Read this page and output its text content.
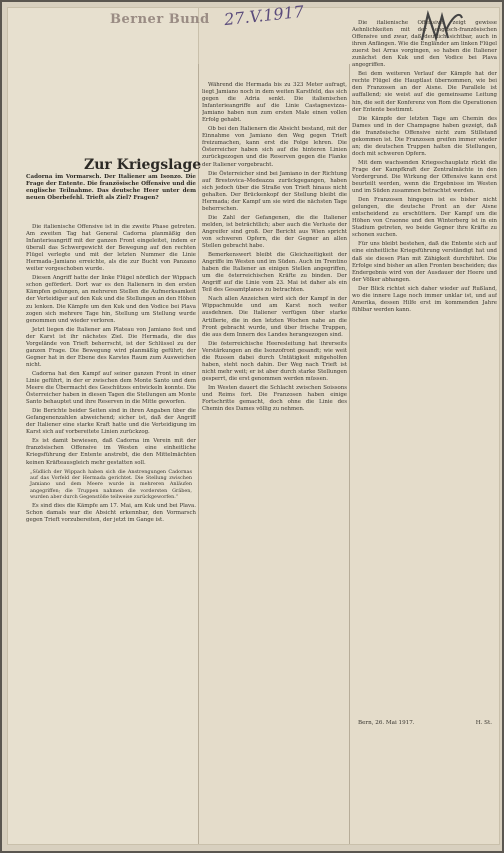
Berner Bund 27.V.1917
Zur Kriegslage
Cadorna im Vormarsch. Der Italiener am Isonzo. Die Frage der Entente. Die französische Offensive und die englische Teilnahme. Das deutsche Heer unter dem neuen Oberbefehl. Trieft als Ziel? Fragen?

Die italienische Offensive ist in die zweite Phase getreten. Am zweiten Tag hat General Cadorna planmäßig den Infanterieangriff mit der ganzen Front eingeleitet, indem er überall das Schwergewicht der Bewegung auf den rechten Flügel verlegte und mit der letzten Nummer die Linie Hermada–Jamiano erreichte, als die zur Bucht von Panzano weiter vorgeschoben wurde.

Diesen Angriff hatte der linke Flügel nördlich der Wippach schon gefördert. Dort war es den Italienern in den ersten Kämpfen gelungen, an mehreren Stellen die Aufmerksamkeit der Verteidiger auf den Kuk und die Stellungen an den Höhen zu lenken. Die Kämpfe um den Kuk und den Vodice bei Plava zogen sich mehrere Tage hin, Stellung um Stellung wurde genommen und wieder verloren.

Jetzt liegen die Italiener am Plateau von Jamiano fest und der Karst ist ihr nächstes Ziel. Die Hermada, die das Vorgelände von Trieft beherrscht, ist der Schlüssel zu der ganzen Frage. Die Bewegung wird planmäßig geführt; der Gegner hat in der Ebene des Karstes Raum zum Ausweichen nicht.

Cadorna hat den Kampf auf seiner ganzen Front in einer Linie geführt, in der er zwischen dem Monte Santo und dem Meere die Übermacht des Geschützes entwickeln konnte. Die Österreicher haben in diesen Tagen die Stellungen am Monte Santo behauptet und ihre Reserven in die Mitte geworfen.

Die Berichte beider Seiten sind in ihren Angaben über die Gefangenenzahlen abweichend; sicher ist, daß der Angriff der Italiener eine starke Kraft hatte und die Verteidigung im Karst sich auf vorbereitete Linien zurückzog.

Es ist damit bewiesen, daß Cadorna im Verein mit der französischen Offensive im Westen eine einheitliche Kriegsführung der Entente anstrebt, die den Mittelmächten keinen Kräfteausgleich mehr gestatten soll.

„Südlich der Wippach haben sich die Anstrengungen Cadornas auf das Vorfeld der Hermada gerichtet. Die Stellung zwischen Jamiano und dem Meere wurde in mehreren Anläufen angegriffen; die Truppen nahmen die vordersten Gräben, wurden aber durch Gegenstöße teilweise zurückgeworfen.“

Es sind dies die Kämpfe am 17. Mai, am Kuk und bei Plava. Schon damals war die Absicht erkennbar, den Vormarsch gegen Trieft vorzubereiten, der jetzt im Gange ist.

Während die Hermada bis zu 323 Meter aufragt, liegt Jamiano noch in dem weiten Karstfeld, das sich gegen die Adria senkt. Die italienischen Infanterieangriffe auf die Linie Castagnevizza–Jamiano haben nun zum ersten Male einen vollen Erfolg gehabt.

Ob bei den Italienern die Absicht bestand, mit der Einnahme von Jamiano den Weg gegen Trieft freizumachen, kann erst die Folge lehren. Die Österreicher haben sich auf die hinteren Linien zurückgezogen und die Reserven gegen die Flanke der Italiener vorgebracht.

Die Österreicher sind bei Jamiano in der Richtung auf Brestovica–Medeazza zurückgegangen, haben sich jedoch über die Straße von Trieft hinaus nicht gehalten. Der Brückenkopf der Stellung bleibt die Hermada; der Kampf um sie wird die nächsten Tage beherrschen.

Die Zahl der Gefangenen, die die Italiener melden, ist beträchtlich; aber auch die Verluste der Angreifer sind groß. Der Bericht aus Wien spricht von schweren Opfern, die der Gegner an allen Stellen gebracht habe.

Bemerkenswert bleibt die Gleichzeitigkeit der Angriffe im Westen und im Süden. Auch im Trentino haben die Italiener an einigen Stellen angegriffen, um die österreichischen Kräfte zu binden. Der Angriff auf die Linie vom 23. Mai ist daher als ein Teil des Gesamtplanes zu betrachten.

Nach allen Anzeichen wird sich der Kampf in der Wippachmulde und am Karst noch weiter ausdehnen. Die Italiener verfügen über starke Artillerie, die in den letzten Wochen nahe an die Front gebracht wurde, und über frische Truppen, die aus dem Innern des Landes herangezogen sind.

Die österreichische Heeresleitung hat ihrerseits Verstärkungen an die Isonzofront gesandt; wie weit die Russen dabei durch Untätigkeit mitgeholfen haben, steht noch dahin. Der Weg nach Trieft ist nicht mehr weit; er ist aber durch starke Stellungen gesperrt, die erst genommen werden müssen.

Im Westen dauert die Schlacht zwischen Soissons und Reims fort. Die Franzosen haben einige Fortschritte gemacht, doch ohne die Linie des Chemin des Dames völlig zu nehmen.

Die italienische Offensive zeigt gewisse Aehnlichkeiten mit der englisch-französischen Offensive und zwar, daß deutlich sichtbar, auch in ihren Anfängen. Wie die Engländer am linken Flügel zuerst bei Arras vorgingen, so haben die Italiener zunächst den Kuk und den Vodice bei Plava angegriffen.

Bei dem weiteren Verlauf der Kämpfe hat der rechte Flügel die Hauptlast übernommen, wie bei den Franzosen an der Aisne. Die Parallele ist auffallend; sie weist auf die gemeinsame Leitung hin, die seit der Konferenz von Rom die Operationen der Entente bestimmt.

Die Kämpfe der letzten Tage am Chemin des Dames und in der Champagne haben gezeigt, daß die französische Offensive nicht zum Stillstand gekommen ist. Die Franzosen greifen immer wieder an; die deutschen Truppen halten die Stellungen, doch mit schweren Opfern.

Mit dem wachsenden Kriegsschauplatz rückt die Frage der Kampfkraft der Zentralmächte in den Vordergrund. Die Wirkung der Offensive kann erst beurteilt werden, wenn die Ergebnisse im Westen und im Süden zusammen betrachtet werden.

Den Franzosen hingegen ist es bisher nicht gelungen, die deutsche Front an der Aisne entscheidend zu erschüttern. Der Kampf um die Höhen von Craonne und den Winterberg ist in ein Stadium getreten, wo beide Gegner ihre Kräfte zu schonen suchen.

Für uns bleibt bestehen, daß die Entente sich auf eine einheitliche Kriegsführung verständigt hat und daß sie diesen Plan mit Zähigkeit durchführt. Die Erfolge sind bisher an allen Fronten bescheiden; das Endergebnis wird von der Ausdauer der Heere und der Völker abhangen.

Der Blick richtet sich daher wieder auf Rußland, wo die innere Lage noch immer unklar ist, und auf Amerika, dessen Hilfe erst im kommenden Jahre fühlbar werden kann.

Bern, 26. Mai 1917.	H. St.
